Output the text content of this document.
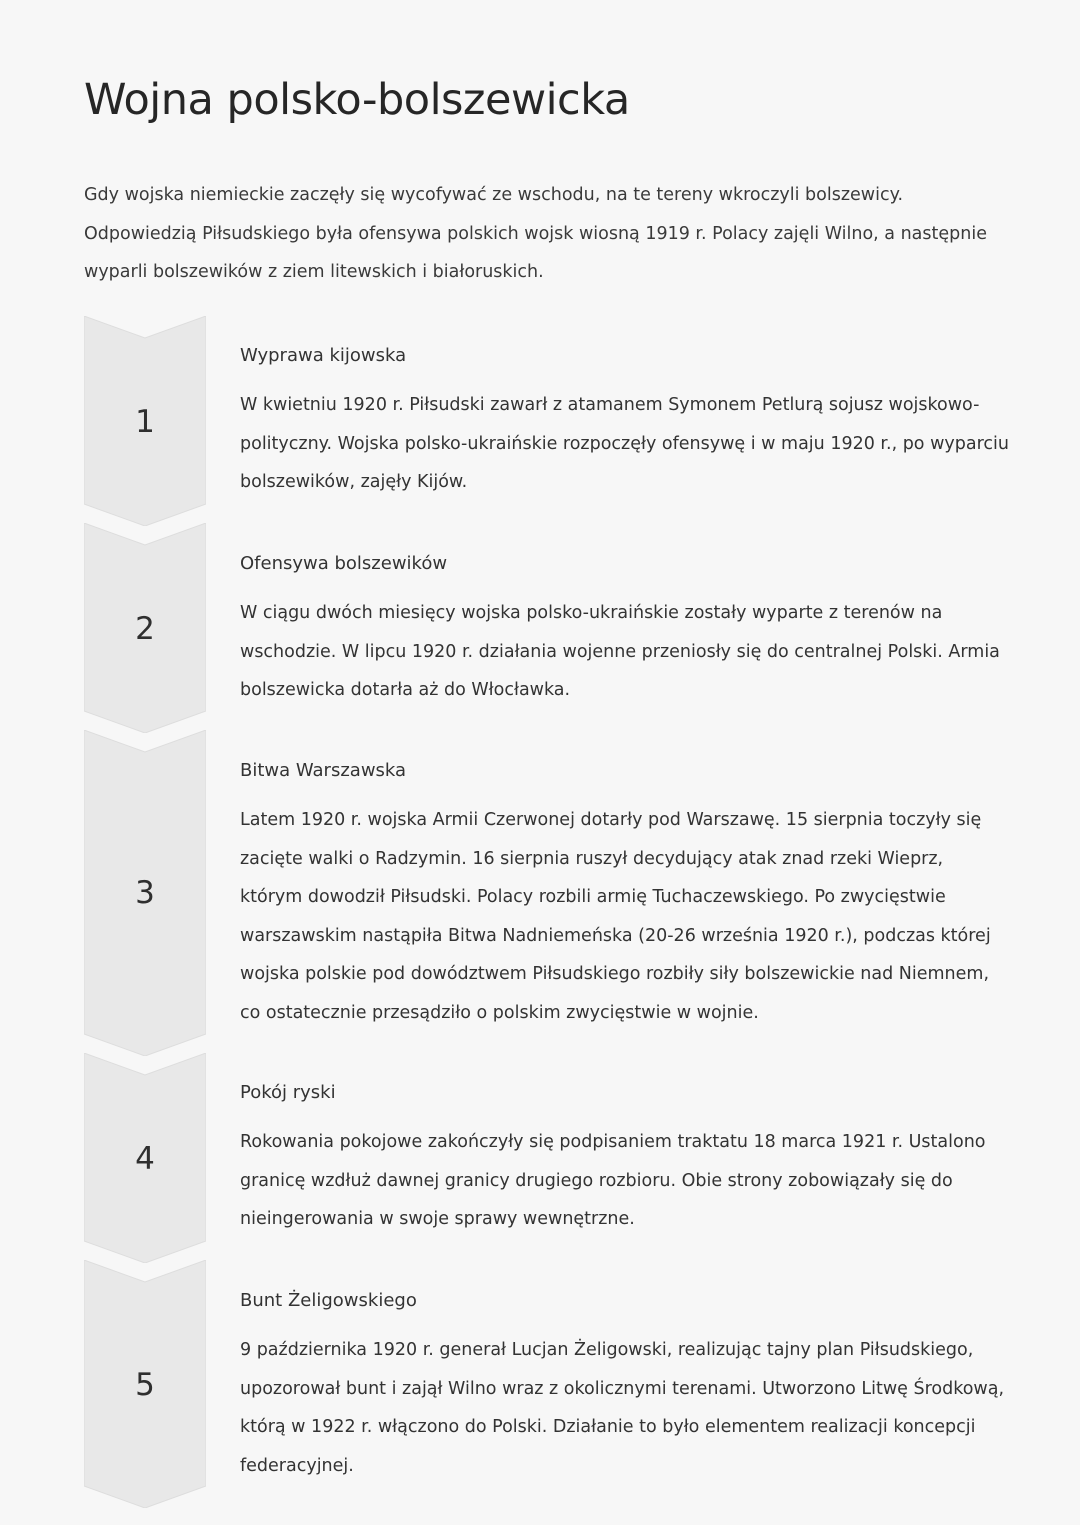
Wojna polsko-bolszewicka

Gdy wojska niemieckie zaczęły się wycofywać ze wschodu, na te tereny wkroczyli bolszewicy. Odpowiedzią Piłsudskiego była ofensywa polskich wojsk wiosną 1919 r. Polacy zajęli Wilno, a następnie wyparli bolszewików z ziem litewskich i białoruskich.

1
Wyprawa kijowska

W kwietniu 1920 r. Piłsudski zawarł z atamanem Symonem Petlurą sojusz wojskowo-polityczny. Wojska polsko-ukraińskie rozpoczęły ofensywę i w maju 1920 r., po wyparciu bolszewików, zajęły Kijów.

2
Ofensywa bolszewików

W ciągu dwóch miesięcy wojska polsko-ukraińskie zostały wyparte z terenów na wschodzie. W lipcu 1920 r. działania wojenne przeniosły się do centralnej Polski. Armia bolszewicka dotarła aż do Włocławka.

3
Bitwa Warszawska

Latem 1920 r. wojska Armii Czerwonej dotarły pod Warszawę. 15 sierpnia toczyły się zacięte walki o Radzymin. 16 sierpnia ruszył decydujący atak znad rzeki Wieprz, którym dowodził Piłsudski. Polacy rozbili armię Tuchaczewskiego. Po zwycięstwie warszawskim nastąpiła Bitwa Nadniemeńska (20-26 września 1920 r.), podczas której wojska polskie pod dowództwem Piłsudskiego rozbiły siły bolszewickie nad Niemnem, co ostatecznie przesądziło o polskim zwycięstwie w wojnie.

4
Pokój ryski

Rokowania pokojowe zakończyły się podpisaniem traktatu 18 marca 1921 r. Ustalono granicę wzdłuż dawnej granicy drugiego rozbioru. Obie strony zobowiązały się do nieingerowania w swoje sprawy wewnętrzne.

5
Bunt Żeligowskiego

9 października 1920 r. generał Lucjan Żeligowski, realizując tajny plan Piłsudskiego, upozorował bunt i zajął Wilno wraz z okolicznymi terenami. Utworzono Litwę Środkową, którą w 1922 r. włączono do Polski. Działanie to było elementem realizacji koncepcji federacyjnej.
